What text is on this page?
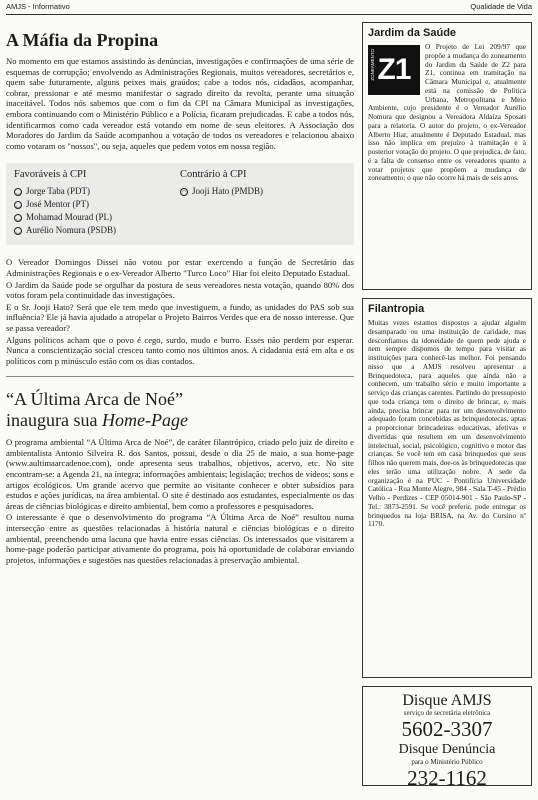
AMJS - Informativo	Qualidade de Vida
A Máfia da Propina

No momento em que estamos assistindo às denúncias, investigações e confirmações de uma série de esquemas de corrupção; envolvendo as Administrações Regionais, muitos vereadores, secretários e, quem sabe futuramente, alguns peixes mais graúdos; cabe a todos nós, cidadãos, acompanhar, cobrar, pressionar e até mesmo manifestar o sagrado direito da revolta, perante uma situação inaceitável. Todos nós sabemos que com o fim da CPI na Câmara Municipal as investigações, embora continuando com o Ministério Público e a Polícia, ficaram prejudicadas. E cabe a todos nós, identificarmos como cada vereador está votando em nome de seus eleitores. A Associação dos Moradores do Jardim da Saúde acompanhou a votação de todos os vereadores e relacionou abaixo como votaram os "nossos", ou seja, aqueles que pedem votos em nossa região.

Favoráveis à CPI
◡ Jorge Taba (PDT)
◡ José Mentor (PT)
◡ Mohamad Mourad (PL)
◡ Aurélio Nomura (PSDB)
Contrário à CPI
◠ Jooji Hato (PMDB)

O Vereador Domingos Dissei não votou por estar exercendo a função de Secretário das Administrações Regionais e o ex-Vereador Alberto "Turco Loco" Hiar foi eleito Deputado Estadual.

O Jardim da Saúde pode se orgulhar da postura de seus vereadores nesta votação, quando 80% dos votos foram pela continuidade das investigações.

E o Sr. Jooji Hato? Será que ele tem medo que investiguem, a fundo, as unidades do PAS sob sua influência? Ele já havia ajudado a atropelar o Projeto Bairros Verdes que era de nosso interesse. Que se passa vereador?

Alguns políticos acham que o povo é cego, surdo, mudo e burro. Esses não perdem por esperar. Nunca a conscientização social cresceu tanto como nos últimos anos. A cidadania está em alta e os políticos com p minúsculo estão com os dias contados.

“A Última Arca de Noé”
inaugura sua Home-Page

O programa ambiental “A Última Arca de Noé”, de caráter filantrópico, criado pelo juiz de direito e ambientalista Antonio Silveira R. dos Santos, possui, desde o dia 25 de maio, a sua home-page (www.aultimaarcadenoe.com), onde apresenta seus trabalhos, objetivos, acervo, etc. No site encontram-se: a Agenda 21, na íntegra; informações ambientais; legislação; trechos de vídeos; sons e artigos ecológicos. Um grande acervo que permite ao visitante conhecer e obter subsídios para estudos e ações jurídicas, na área ambiental. O site é destinado aos estudantes, especialmente os das áreas de ciências biológicas e direito ambiental, bem como a professores e pesquisadores.

O interessante é que o desenvolvimento do programa “A Última Arca de Noé” resultou numa intersecção entre as questões relacionadas à história natural e ciências biológicas e o direito ambiental, preenchendo uma lacuna que havia entre essas ciências. Os interessados que visitarem a home-page poderão participar ativamente do programa, pois há oportunidade de colaborar enviando projetos, informações e sugestões nas questões relacionadas à preservação ambiental.

Jardim da Saúde
ZONEAMENTO Z1

O Projeto de Lei 209/97 que propõe a mudança do zoneamento do Jardim da Saúde de Z2 para Z1, continua em tramitação na Câmara Municipal e, atualmente está na comissão de Política Urbana, Metropolitana e Meio Ambiente, cujo presidente é o Vereador Aurélio Nomura que designou a Vereadora Aldaíza Sposati para a relatoria. O autor do projeto, o ex-Vereador Alberto Hiar, atualmente é Deputado Estadual, mas isso não implica em prejuízo à tramitação e à posterior votação do projeto. O que prejudica, de fato, é a falta de consenso entre os vereadores quanto a votar projetos que propõem a mudança de zoneamento; o que não ocorre há mais de seis anos.

Filantropia

Muitas vezes estamos dispostos a ajudar alguém desamparado ou uma instituição de caridade, mas desconfiamos da idoneidade de quem pede ajuda e nem sempre dispomos de tempo para visitar as instituições para conhecê-las melhor. Foi pensando nisso que a AMJS resolveu apresentar a Brinquedoteca, para aqueles que ainda não a conhecem, um trabalho sério e muito importante a serviço das crianças carentes. Partindo do pressuposto que toda criança tem o direito de brincar, e, mais ainda, precisa brincar para ter um desenvolvimento adequado foram concebidas as brinquedotecas, aptas a proporcionar brincadeiras educativas, afetivas e divertidas que resultem em um desenvolvimento intelectual, social, psicológico, cognitivo e motor das crianças. Se você tem em casa brinquedos que seus filhos não querem mais, doe-os às brinquedotecas que eles terão uma utilização nobre. A sede da organização é na PUC - Pontifícia Universidade Católica - Rua Monte Alegre, 984 - Sala T-45 - Prédio Velho - Perdizes - CEP 05014-901 - São Paulo-SP - Tel.: 3873-2591. Se você preferir, pode entregar os brinquedos na loja BRISA, na Av. do Cursino nº 1170.

Disque AMJS
serviço de secretária eletrônica
5602-3307
Disque Denúncia
para o Ministério Público
232-1162
